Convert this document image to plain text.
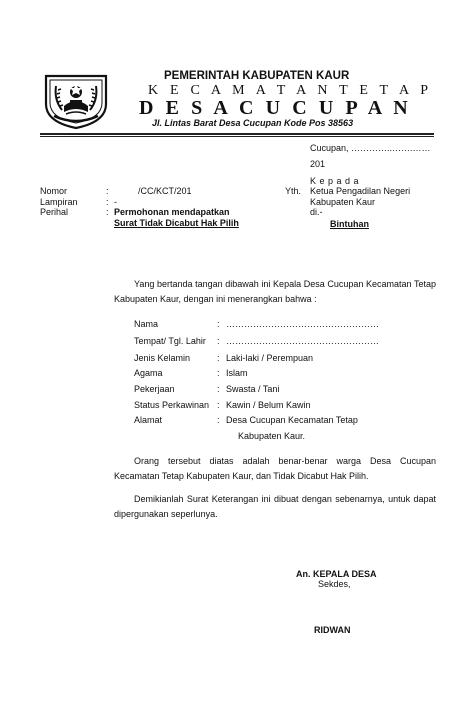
PEMERINTAH KABUPATEN KAUR
K E C A M A T A N T E T A P
D E S A C U C U P A N
Jl. Lintas Barat Desa Cucupan Kode Pos 38563
Cucupan, …………..…….……
201
K e p a d a
Yth. Ketua Pengadilan Negeri
Kabupaten Kaur
di.-
Bintuhan
Nomor	:	/CC/KCT/201
Lampiran	: -
Perihal	: Permohonan mendapatkan
Surat Tidak Dicabut Hak Pilih
Yang bertanda tangan dibawah ini Kepala Desa Cucupan Kecamatan Tetap Kabupaten Kaur, dengan ini menerangkan bahwa :
Nama	: ……………………………………………
Tempat/ Tgl. Lahir : ……………………………………………
Jenis Kelamin	: Laki-laki / Perempuan
Agama	: Islam
Pekerjaan	: Swasta / Tani
Status Perkawinan : Kawin / Belum Kawin
Alamat	: Desa Cucupan Kecamatan Tetap
Kabupaten Kaur.
Orang tersebut diatas adalah benar-benar warga Desa Cucupan Kecamatan Tetap Kabupaten Kaur, dan Tidak Dicabut Hak Pilih.
Demikianlah Surat Keterangan ini dibuat dengan sebenarnya, untuk dapat dipergunakan seperlunya.
An. KEPALA DESA
Sekdes,
RIDWAN
